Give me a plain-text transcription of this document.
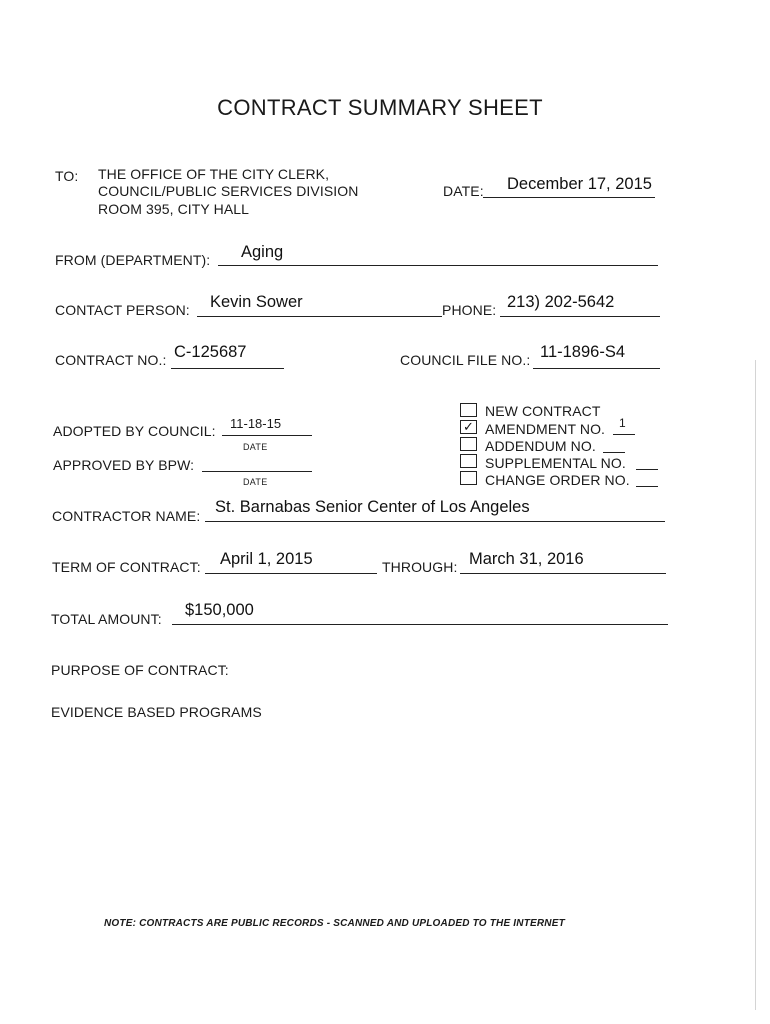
CONTRACT SUMMARY SHEET
TO: THE OFFICE OF THE CITY CLERK,
COUNCIL/PUBLIC SERVICES DIVISION
ROOM 395, CITY HALL
DATE: December 17, 2015
FROM (DEPARTMENT): Aging
CONTACT PERSON: Kevin Sower	PHONE: 213) 202-5642
CONTRACT NO.: C-125687	COUNCIL FILE NO.: 11-1896-S4
ADOPTED BY COUNCIL: 11-18-15
DATE
APPROVED BY BPW:
DATE
NEW CONTRACT
✓ AMENDMENT NO. 1
ADDENDUM NO.
SUPPLEMENTAL NO.
CHANGE ORDER NO.
CONTRACTOR NAME: St. Barnabas Senior Center of Los Angeles
TERM OF CONTRACT: April 1, 2015	THROUGH: March 31, 2016
TOTAL AMOUNT: $150,000
PURPOSE OF CONTRACT:
EVIDENCE BASED PROGRAMS
NOTE: CONTRACTS ARE PUBLIC RECORDS - SCANNED AND UPLOADED TO THE INTERNET
